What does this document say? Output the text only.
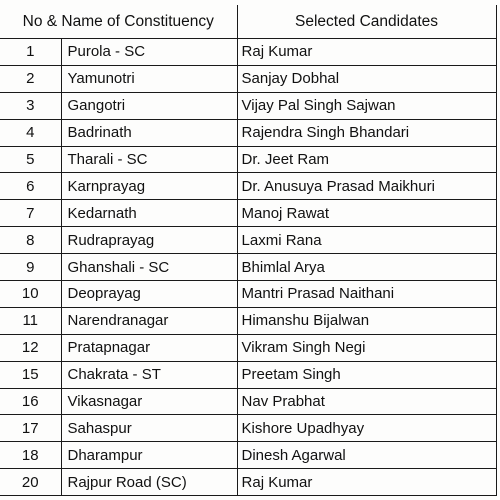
No & Name of Constituency		Selected Candidates
1	Purola - SC	Raj Kumar
2	Yamunotri	Sanjay Dobhal
3	Gangotri	Vijay Pal Singh Sajwan
4	Badrinath	Rajendra Singh Bhandari
5	Tharali - SC	Dr. Jeet Ram
6	Karnprayag	Dr. Anusuya Prasad Maikhuri
7	Kedarnath	Manoj Rawat
8	Rudraprayag	Laxmi Rana
9	Ghanshali - SC	Bhimlal Arya
10	Deoprayag	Mantri Prasad Naithani
11	Narendranagar	Himanshu Bijalwan
12	Pratapnagar	Vikram Singh Negi
15	Chakrata - ST	Preetam Singh
16	Vikasnagar	Nav Prabhat
17	Sahaspur	Kishore Upadhyay
18	Dharampur	Dinesh Agarwal
20	Rajpur Road (SC)	Raj Kumar
